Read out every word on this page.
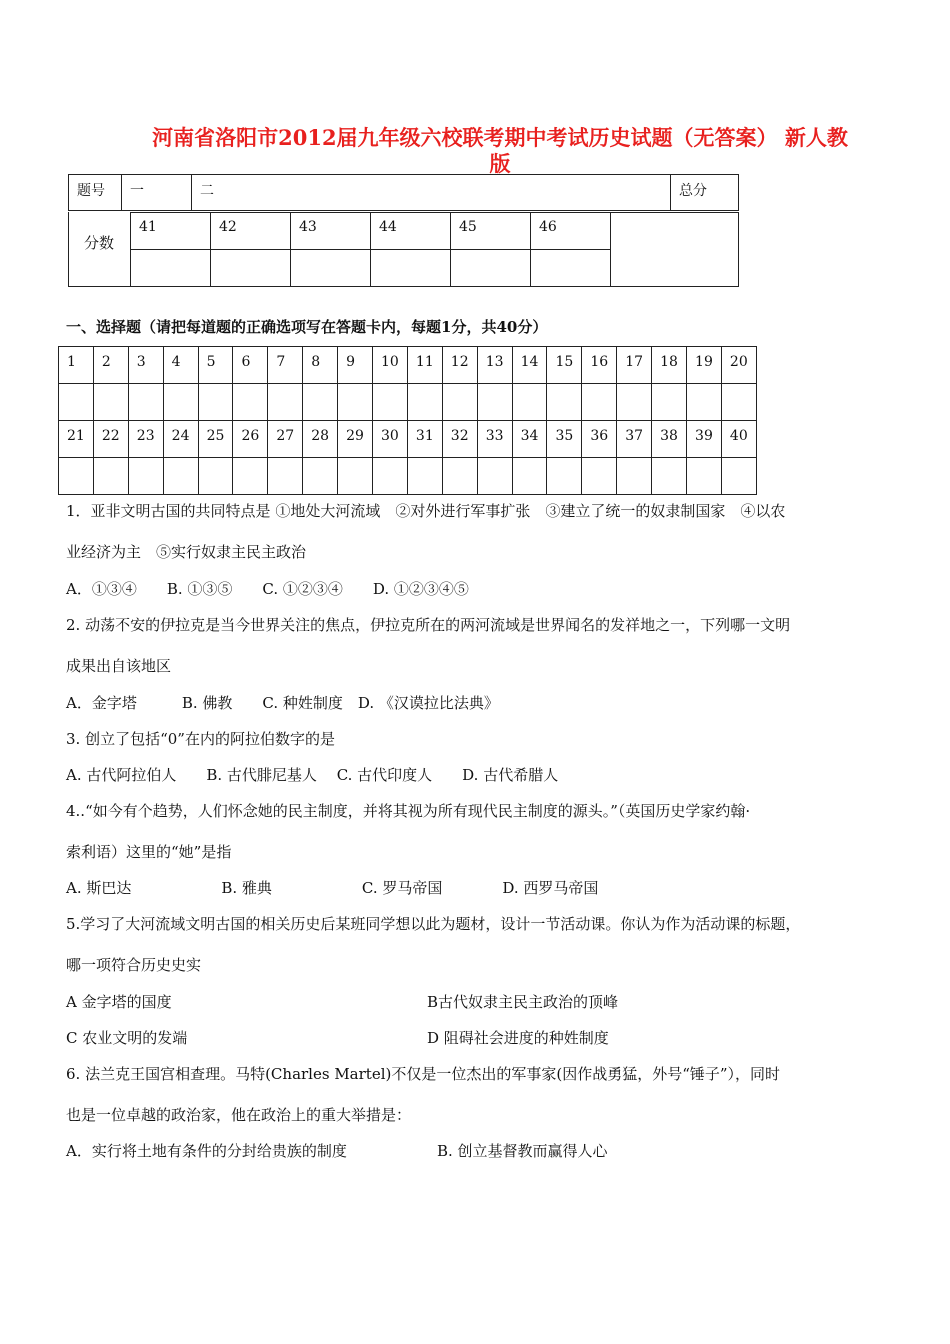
河南省洛阳市2012届九年级六校联考期中考试历史试题（无答案） 新人教
版
题号	一	二	总分
分数
41	42	43	44	45	46	

一、选择题（请把每道题的正确选项写在答题卡内，每题1分，共40分）
1	2	3	4	5	6	7	8	9	10	11	12	13	14	15	16	17	18	19	20

21	22	23	24	25	26	27	28	29	30	31	32	33	34	35	36	37	38	39	40

1．亚非文明古国的共同特点是 ①地处大河流域　②对外进行军事扩张　③建立了统一的奴隶制国家　④以农
业经济为主　⑤实行奴隶主民主政治
A．①③④　　B. ①③⑤　　C. ①②③④　　D. ①②③④⑤
2. 动荡不安的伊拉克是当今世界关注的焦点，伊拉克所在的两河流域是世界闻名的发祥地之一，下列哪一文明
成果出自该地区
A．金字塔　　　B. 佛教　　C. 种姓制度　D. 《汉谟拉比法典》
3. 创立了包括“0”在内的阿拉伯数字的是
A. 古代阿拉伯人　　B. 古代腓尼基人　 C. 古代印度人　　D. 古代希腊人
4..“如今有个趋势，人们怀念她的民主制度，并将其视为所有现代民主制度的源头。”（英国历史学家约翰·
索利语）这里的“她”是指
A. 斯巴达　　　　　　B. 雅典　　　　　　C. 罗马帝国　　　　D. 西罗马帝国
5.学习了大河流域文明古国的相关历史后某班同学想以此为题材，设计一节活动课。你认为作为活动课的标题，
哪一项符合历史史实
A 金字塔的国度	B古代奴隶主民主政治的顶峰
C 农业文明的发端	D 阻碍社会进度的种姓制度
6. 法兰克王国宫相查理。马特(Charles Martel)不仅是一位杰出的军事家(因作战勇猛，外号“锤子”），同时
也是一位卓越的政治家，他在政治上的重大举措是：
A．实行将土地有条件的分封给贵族的制度	B. 创立基督教而赢得人心
